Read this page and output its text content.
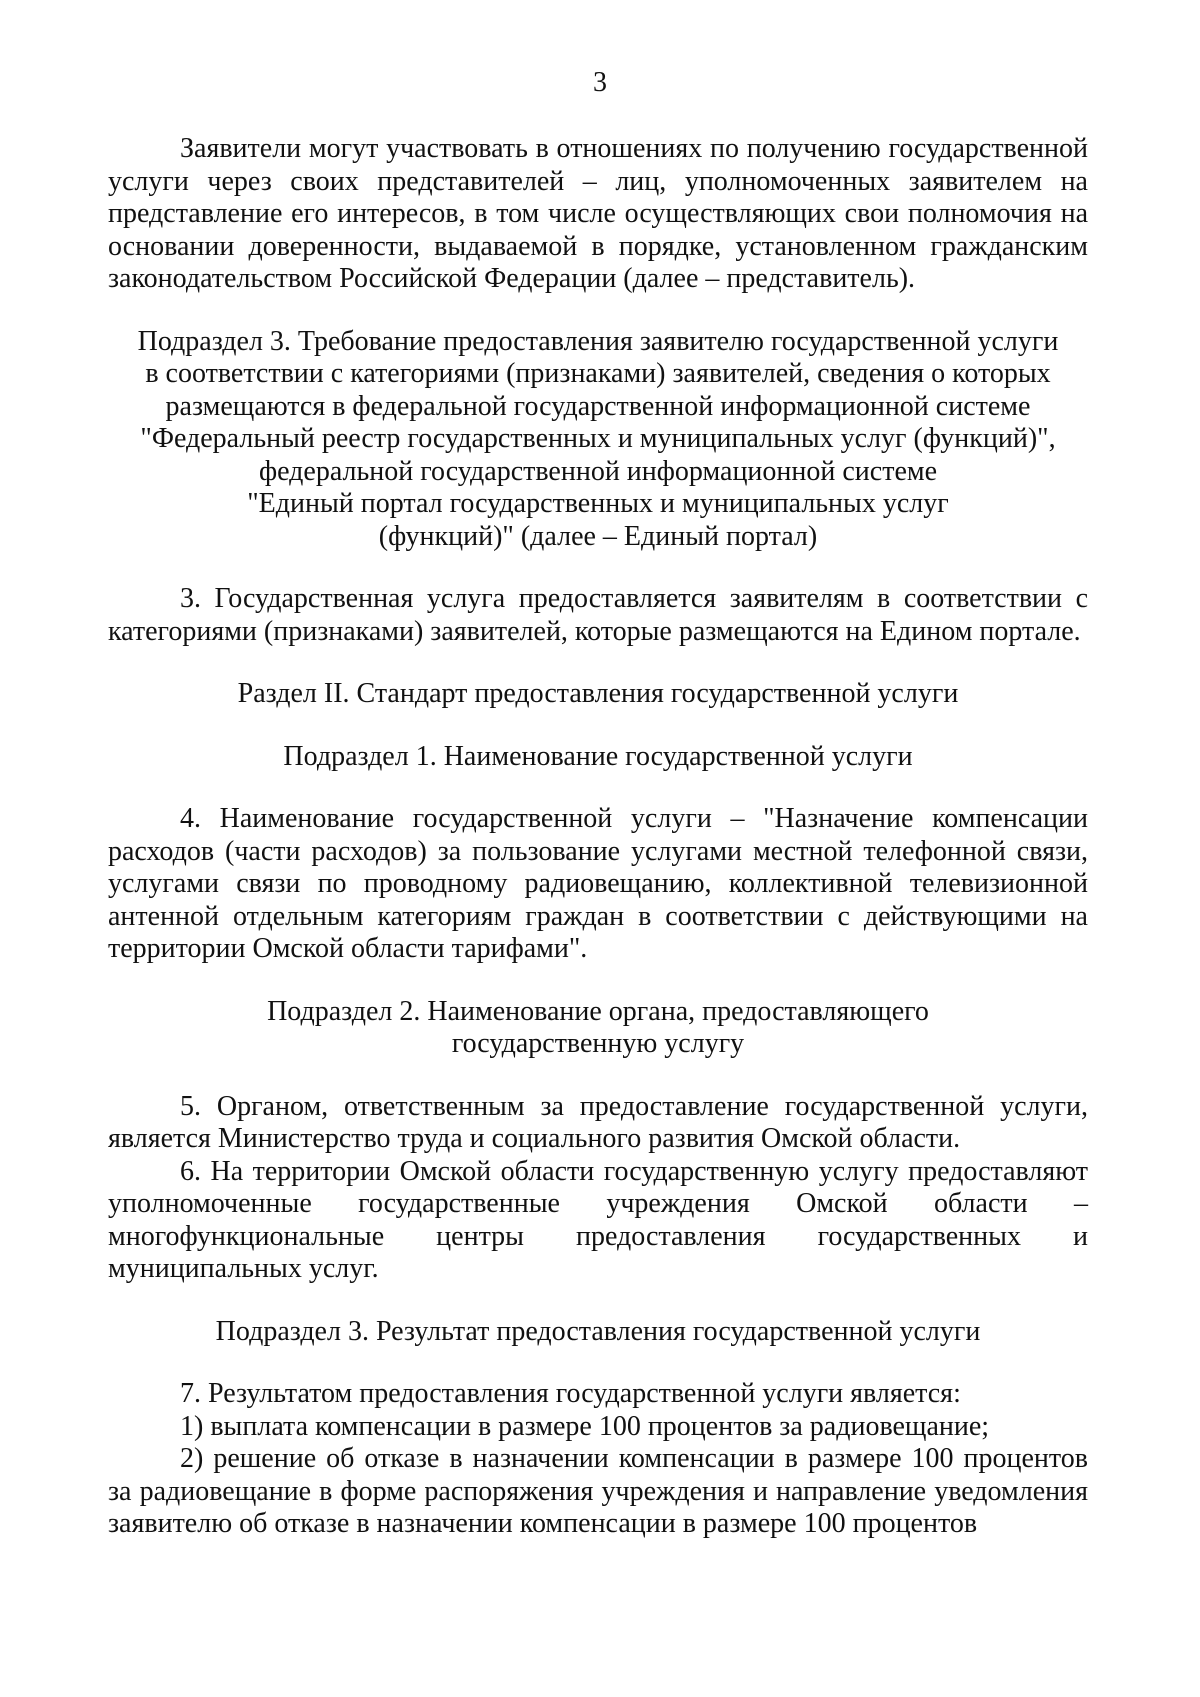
3

Заявители могут участвовать в отношениях по получению государственной услуги через своих представителей – лиц, уполномоченных заявителем на представление его интересов, в том числе осуществляющих свои полномочия на основании доверенности, выдаваемой в порядке, установленном гражданским законодательством Российской Федерации (далее – представитель).

Подраздел 3. Требование предоставления заявителю государственной услуги

в соответствии с категориями (признаками) заявителей, сведения о которых

размещаются в федеральной государственной информационной системе

"Федеральный реестр государственных и муниципальных услуг (функций)",

федеральной государственной информационной системе

"Единый портал государственных и муниципальных услуг

(функций)" (далее – Единый портал)

3. Государственная услуга предоставляется заявителям в соответствии с категориями (признаками) заявителей, которые размещаются на Едином портале.

Раздел II. Стандарт предоставления государственной услуги

Подраздел 1. Наименование государственной услуги

4. Наименование государственной услуги – "Назначение компенсации расходов (части расходов) за пользование услугами местной телефонной связи, услугами связи по проводному радиовещанию, коллективной телевизионной антенной отдельным категориям граждан в соответствии с действующими на территории Омской области тарифами".

Подраздел 2. Наименование органа, предоставляющего

государственную услугу

5. Органом, ответственным за предоставление государственной услуги, является Министерство труда и социального развития Омской области.

6. На территории Омской области государственную услугу предоставляют уполномоченные государственные учреждения Омской области – многофункциональные центры предоставления государственных и муниципальных услуг.

Подраздел 3. Результат предоставления государственной услуги

7. Результатом предоставления государственной услуги является:

1) выплата компенсации в размере 100 процентов за радиовещание;

2) решение об отказе в назначении компенсации в размере 100 процентов за радиовещание в форме распоряжения учреждения и направление уведомления заявителю об отказе в назначении компенсации в размере 100 процентов
